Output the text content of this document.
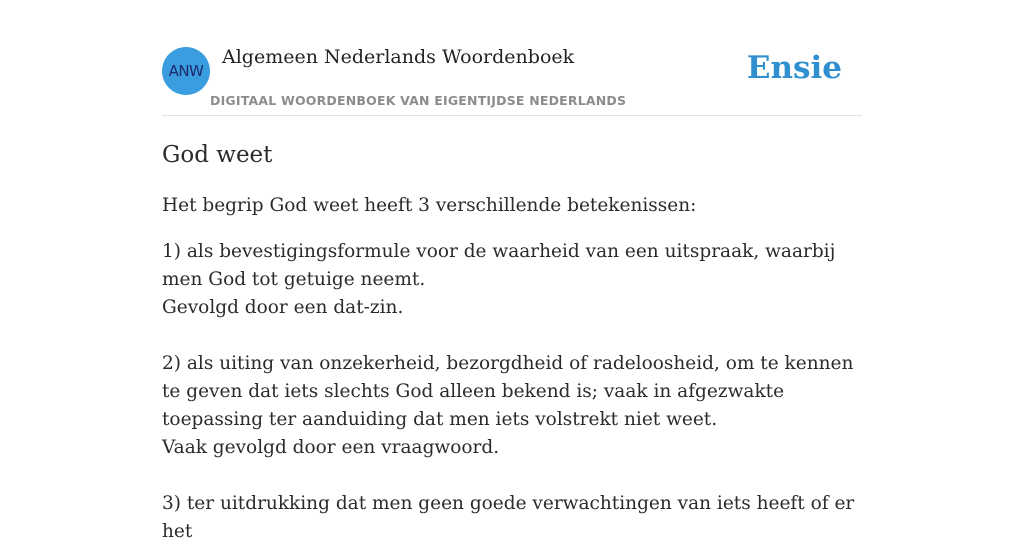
ANW
Algemeen Nederlands Woordenboek
DIGITAAL WOORDENBOEK VAN EIGENTIJDSE NEDERLANDS
Ensie
God weet

Het begrip God weet heeft 3 verschillende betekenissen:

1) als bevestigingsformule voor de waarheid van een uitspraak, waarbij men God tot getuige neemt.
Gevolgd door een dat-zin.
2) als uiting van onzekerheid, bezorgdheid of radeloosheid, om te kennen te geven dat iets slechts God alleen bekend is; vaak in afgezwakte toepassing ter aanduiding dat men iets volstrekt niet weet.
Vaak gevolgd door een vraagwoord.
3) ter uitdrukking dat men geen goede verwachtingen van iets heeft of er het
